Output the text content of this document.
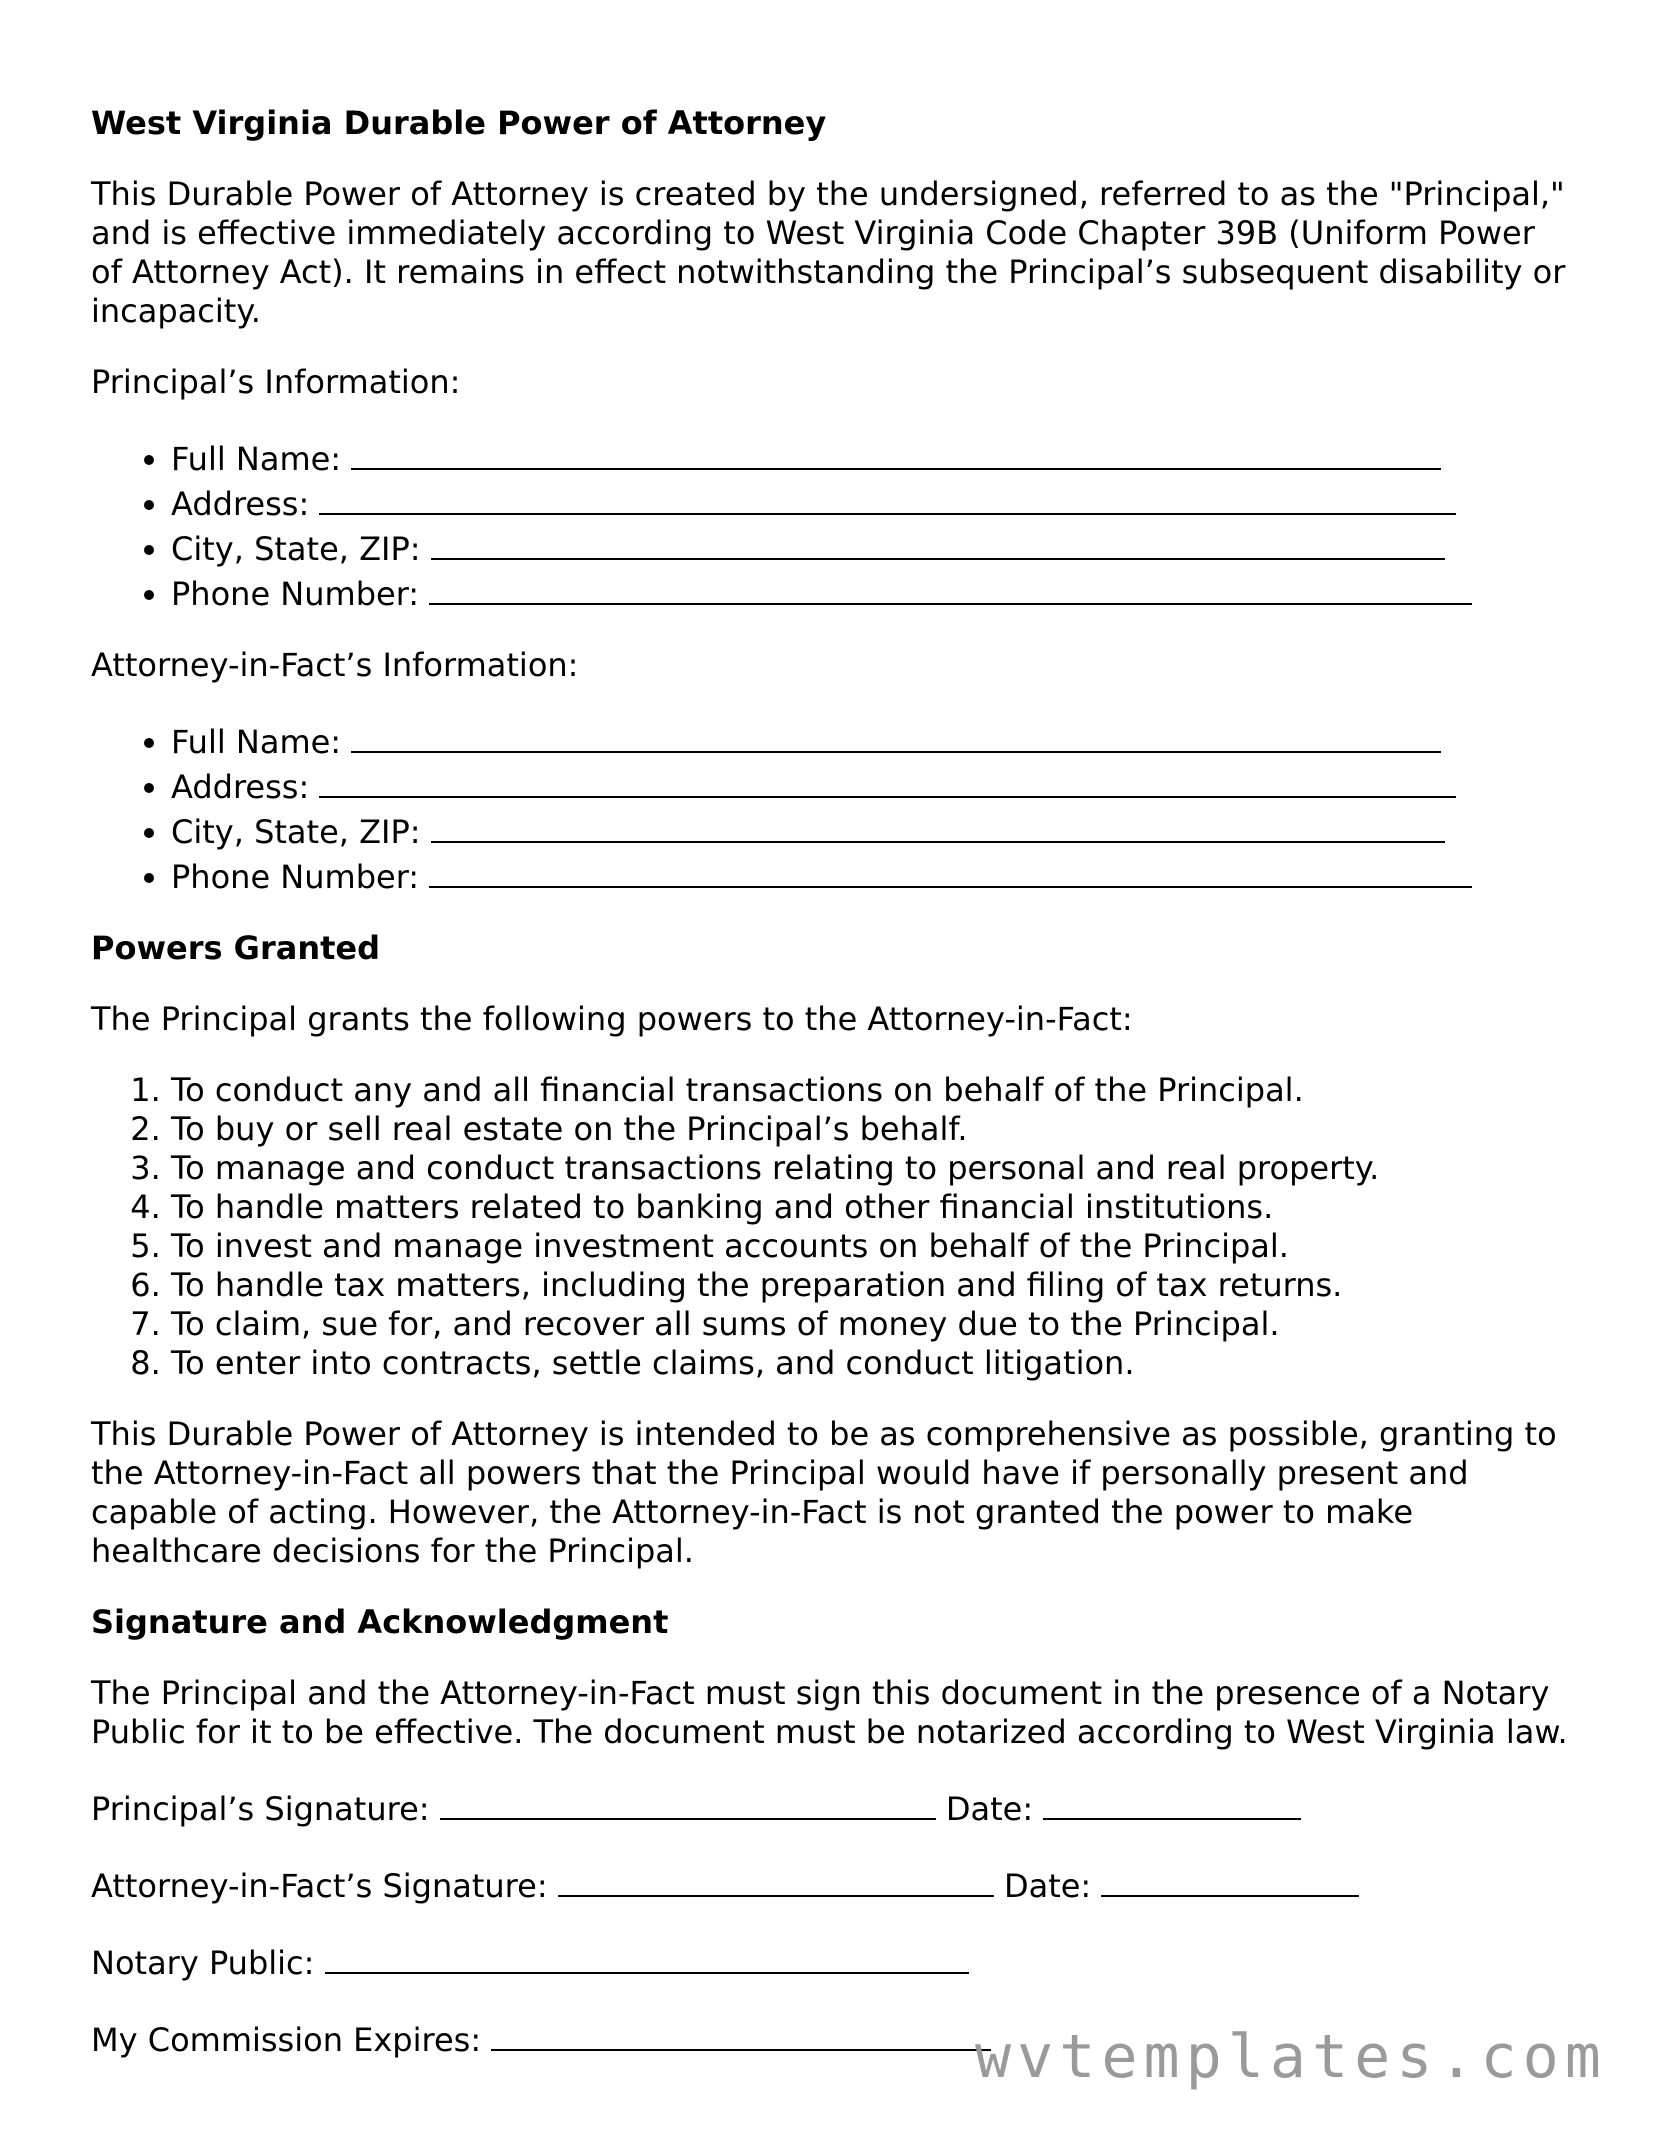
West Virginia Durable Power of Attorney

This Durable Power of Attorney is created by the undersigned, referred to as the "Principal," and is effective immediately according to West Virginia Code Chapter 39B (Uniform Power of Attorney Act). It remains in effect notwithstanding the Principal’s subsequent disability or incapacity.

Principal’s Information:

• Full Name:
• Address:
• City, State, ZIP:
• Phone Number:

Attorney-in-Fact’s Information:

• Full Name:
• Address:
• City, State, ZIP:
• Phone Number:
Powers Granted

The Principal grants the following powers to the Attorney-in-Fact:

1. To conduct any and all financial transactions on behalf of the Principal.
2. To buy or sell real estate on the Principal’s behalf.
3. To manage and conduct transactions relating to personal and real property.
4. To handle matters related to banking and other financial institutions.
5. To invest and manage investment accounts on behalf of the Principal.
6. To handle tax matters, including the preparation and filing of tax returns.
7. To claim, sue for, and recover all sums of money due to the Principal.
8. To enter into contracts, settle claims, and conduct litigation.

This Durable Power of Attorney is intended to be as comprehensive as possible, granting to the Attorney-in-Fact all powers that the Principal would have if personally present and capable of acting. However, the Attorney-in-Fact is not granted the power to make healthcare decisions for the Principal.

Signature and Acknowledgment

The Principal and the Attorney-in-Fact must sign this document in the presence of a Notary Public for it to be effective. The document must be notarized according to West Virginia law.

Principal’s Signature:	Date:
Attorney-in-Fact’s Signature:	Date:
Notary Public:
My Commission Expires:	wvtemplates.com
